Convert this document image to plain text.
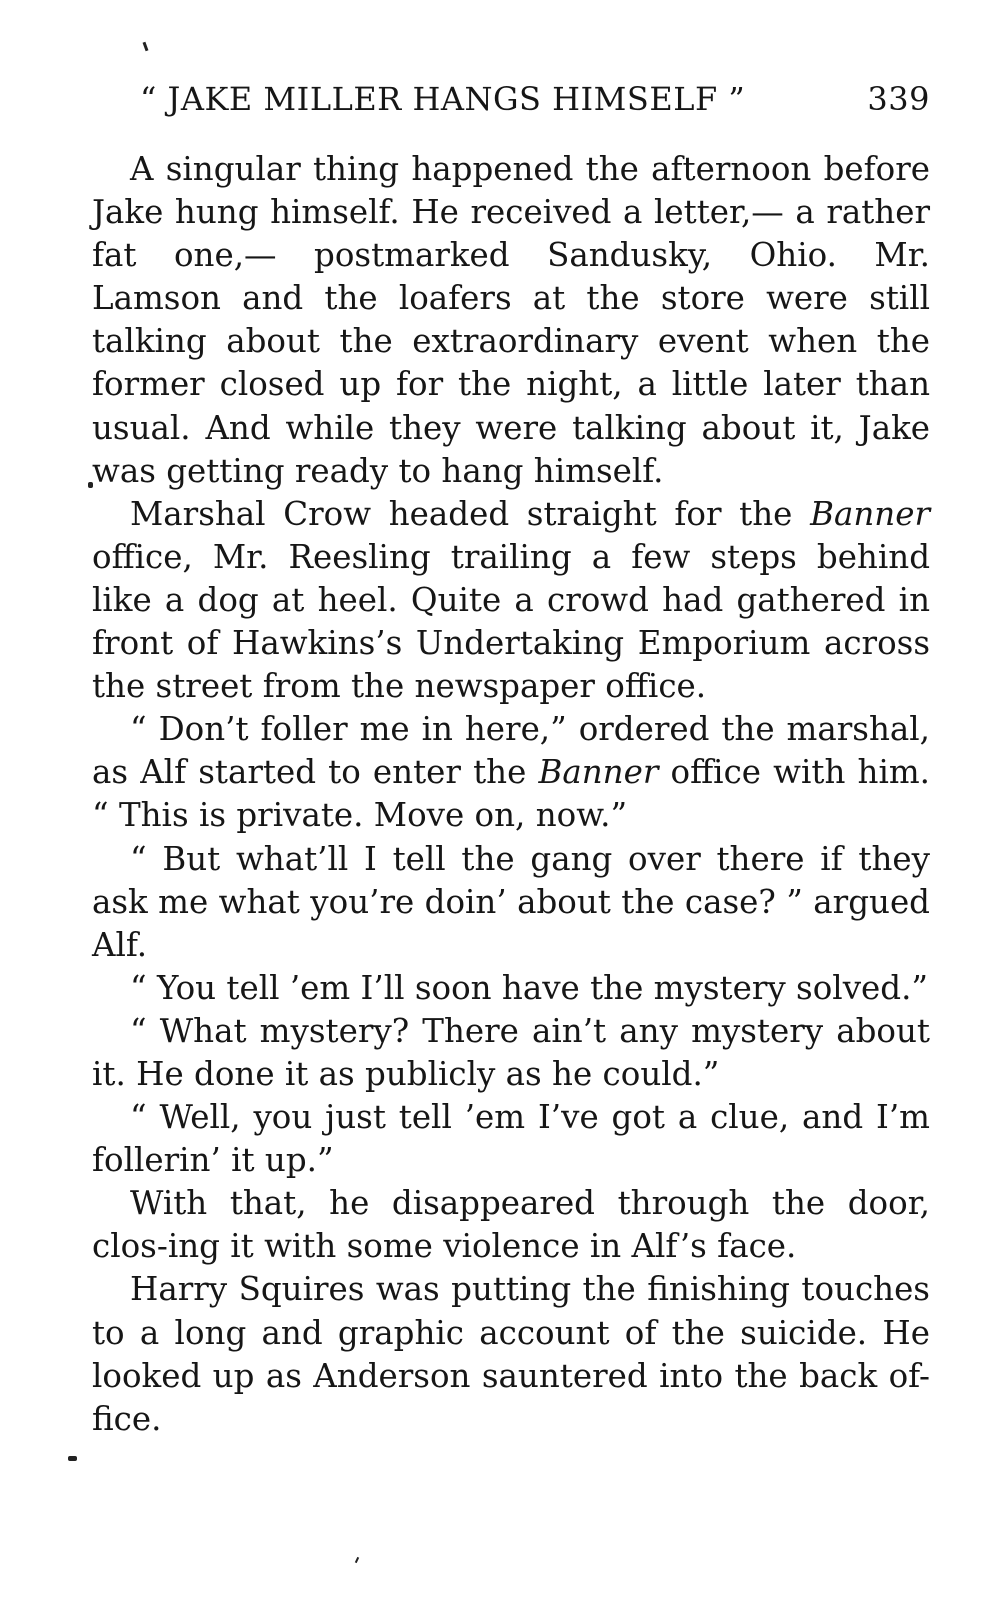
“ JAKE MILLER HANGS HIMSELF ”	339

A singular thing happened the afternoon before Jake hung himself. He received a letter,— a rather fat one,— postmarked Sandusky, Ohio. Mr. Lamson and the loafers at the store were still talking about the extraordinary event when the former closed up for the night, a little later than usual. And while they were talking about it, Jake was getting ready to hang himself.

Marshal Crow headed straight for the Banner office, Mr. Reesling trailing a few steps behind like a dog at heel. Quite a crowd had gathered in front of Hawkins’s Undertaking Emporium across the street from the newspaper office.

“ Don’t foller me in here,” ordered the marshal, as Alf started to enter the Banner office with him. “ This is private. Move on, now.”

“ But what’ll I tell the gang over there if they ask me what you’re doin’ about the case? ” argued Alf.

“ You tell ’em I’ll soon have the mystery solved.”

“ What mystery? There ain’t any mystery about it. He done it as publicly as he could.”

“ Well, you just tell ’em I’ve got a clue, and I’m follerin’ it up.”

With that, he disappeared through the door, clos-ing it with some violence in Alf’s face.

Harry Squires was putting the finishing touches to a long and graphic account of the suicide. He looked up as Anderson sauntered into the back of-fice.
